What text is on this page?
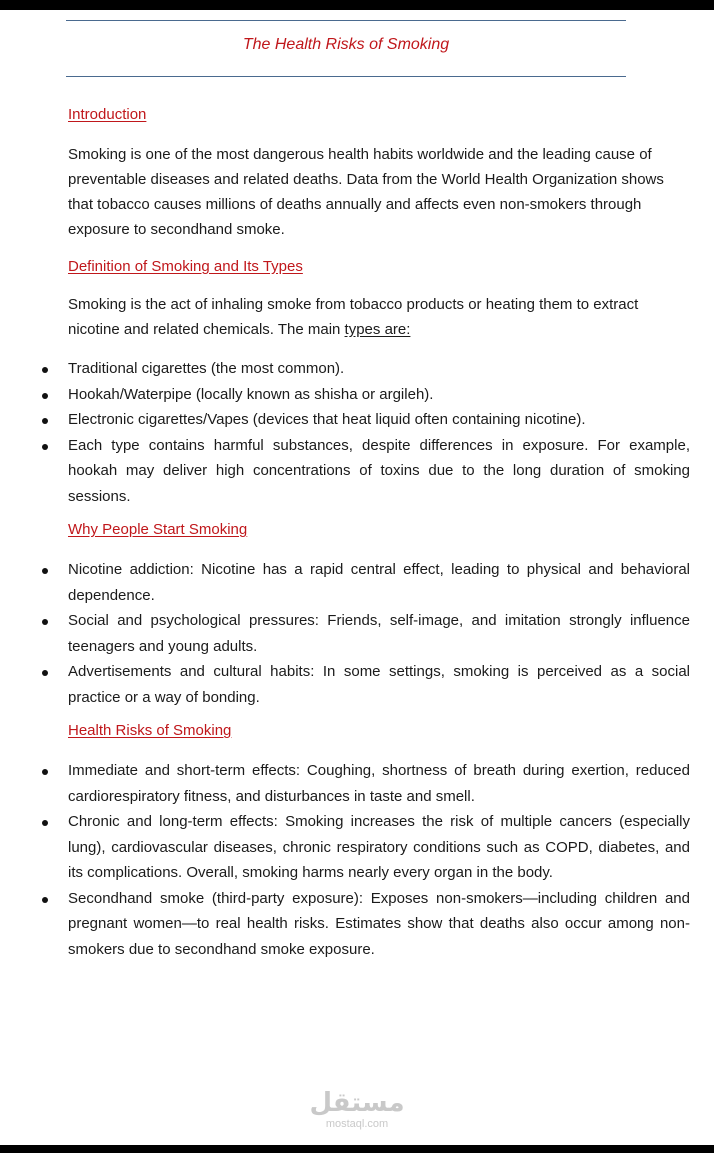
The Health Risks of Smoking
Introduction

Smoking is one of the most dangerous health habits worldwide and the leading cause of preventable diseases and related deaths. Data from the World Health Organization shows that tobacco causes millions of deaths annually and affects even non-smokers through exposure to secondhand smoke.

Definition of Smoking and Its Types

Smoking is the act of inhaling smoke from tobacco products or heating them to extract nicotine and related chemicals. The main types are:

Traditional cigarettes (the most common).
Hookah/Waterpipe (locally known as shisha or argileh).
Electronic cigarettes/Vapes (devices that heat liquid often containing nicotine).
Each type contains harmful substances, despite differences in exposure. For example, hookah may deliver high concentrations of toxins due to the long duration of smoking sessions.
Why People Start Smoking
Nicotine addiction: Nicotine has a rapid central effect, leading to physical and behavioral dependence.
Social and psychological pressures: Friends, self-image, and imitation strongly influence teenagers and young adults.
Advertisements and cultural habits: In some settings, smoking is perceived as a social practice or a way of bonding.
Health Risks of Smoking
Immediate and short-term effects: Coughing, shortness of breath during exertion, reduced cardiorespiratory fitness, and disturbances in taste and smell.
Chronic and long-term effects: Smoking increases the risk of multiple cancers (especially lung), cardiovascular diseases, chronic respiratory conditions such as COPD, diabetes, and its complications. Overall, smoking harms nearly every organ in the body.
Secondhand smoke (third-party exposure): Exposes non-smokers—including children and pregnant women—to real health risks. Estimates show that deaths also occur among non-smokers due to secondhand smoke exposure.
مستقل
mostaql.com
